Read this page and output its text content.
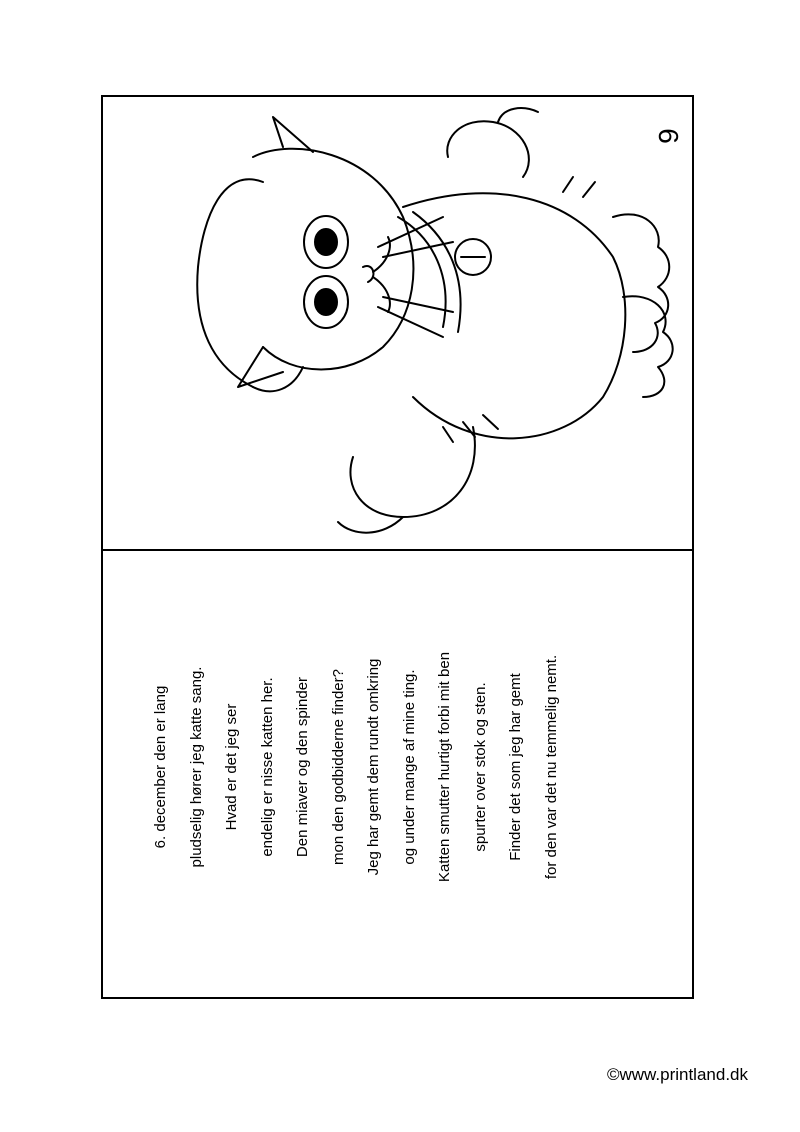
6
6. december den er lang	pludselig hører jeg katte sang.	Hvad er det jeg ser	endelig er nisse katten her.	Den miaver og den spinder	mon den godbidderne finder?	Jeg har gemt dem rundt omkring	og under mange af mine ting.	Katten smutter hurtigt forbi mit ben	spurter over stok og sten.	Finder det som jeg har gemt	for den var det nu temmelig nemt.
©www.printland.dk
